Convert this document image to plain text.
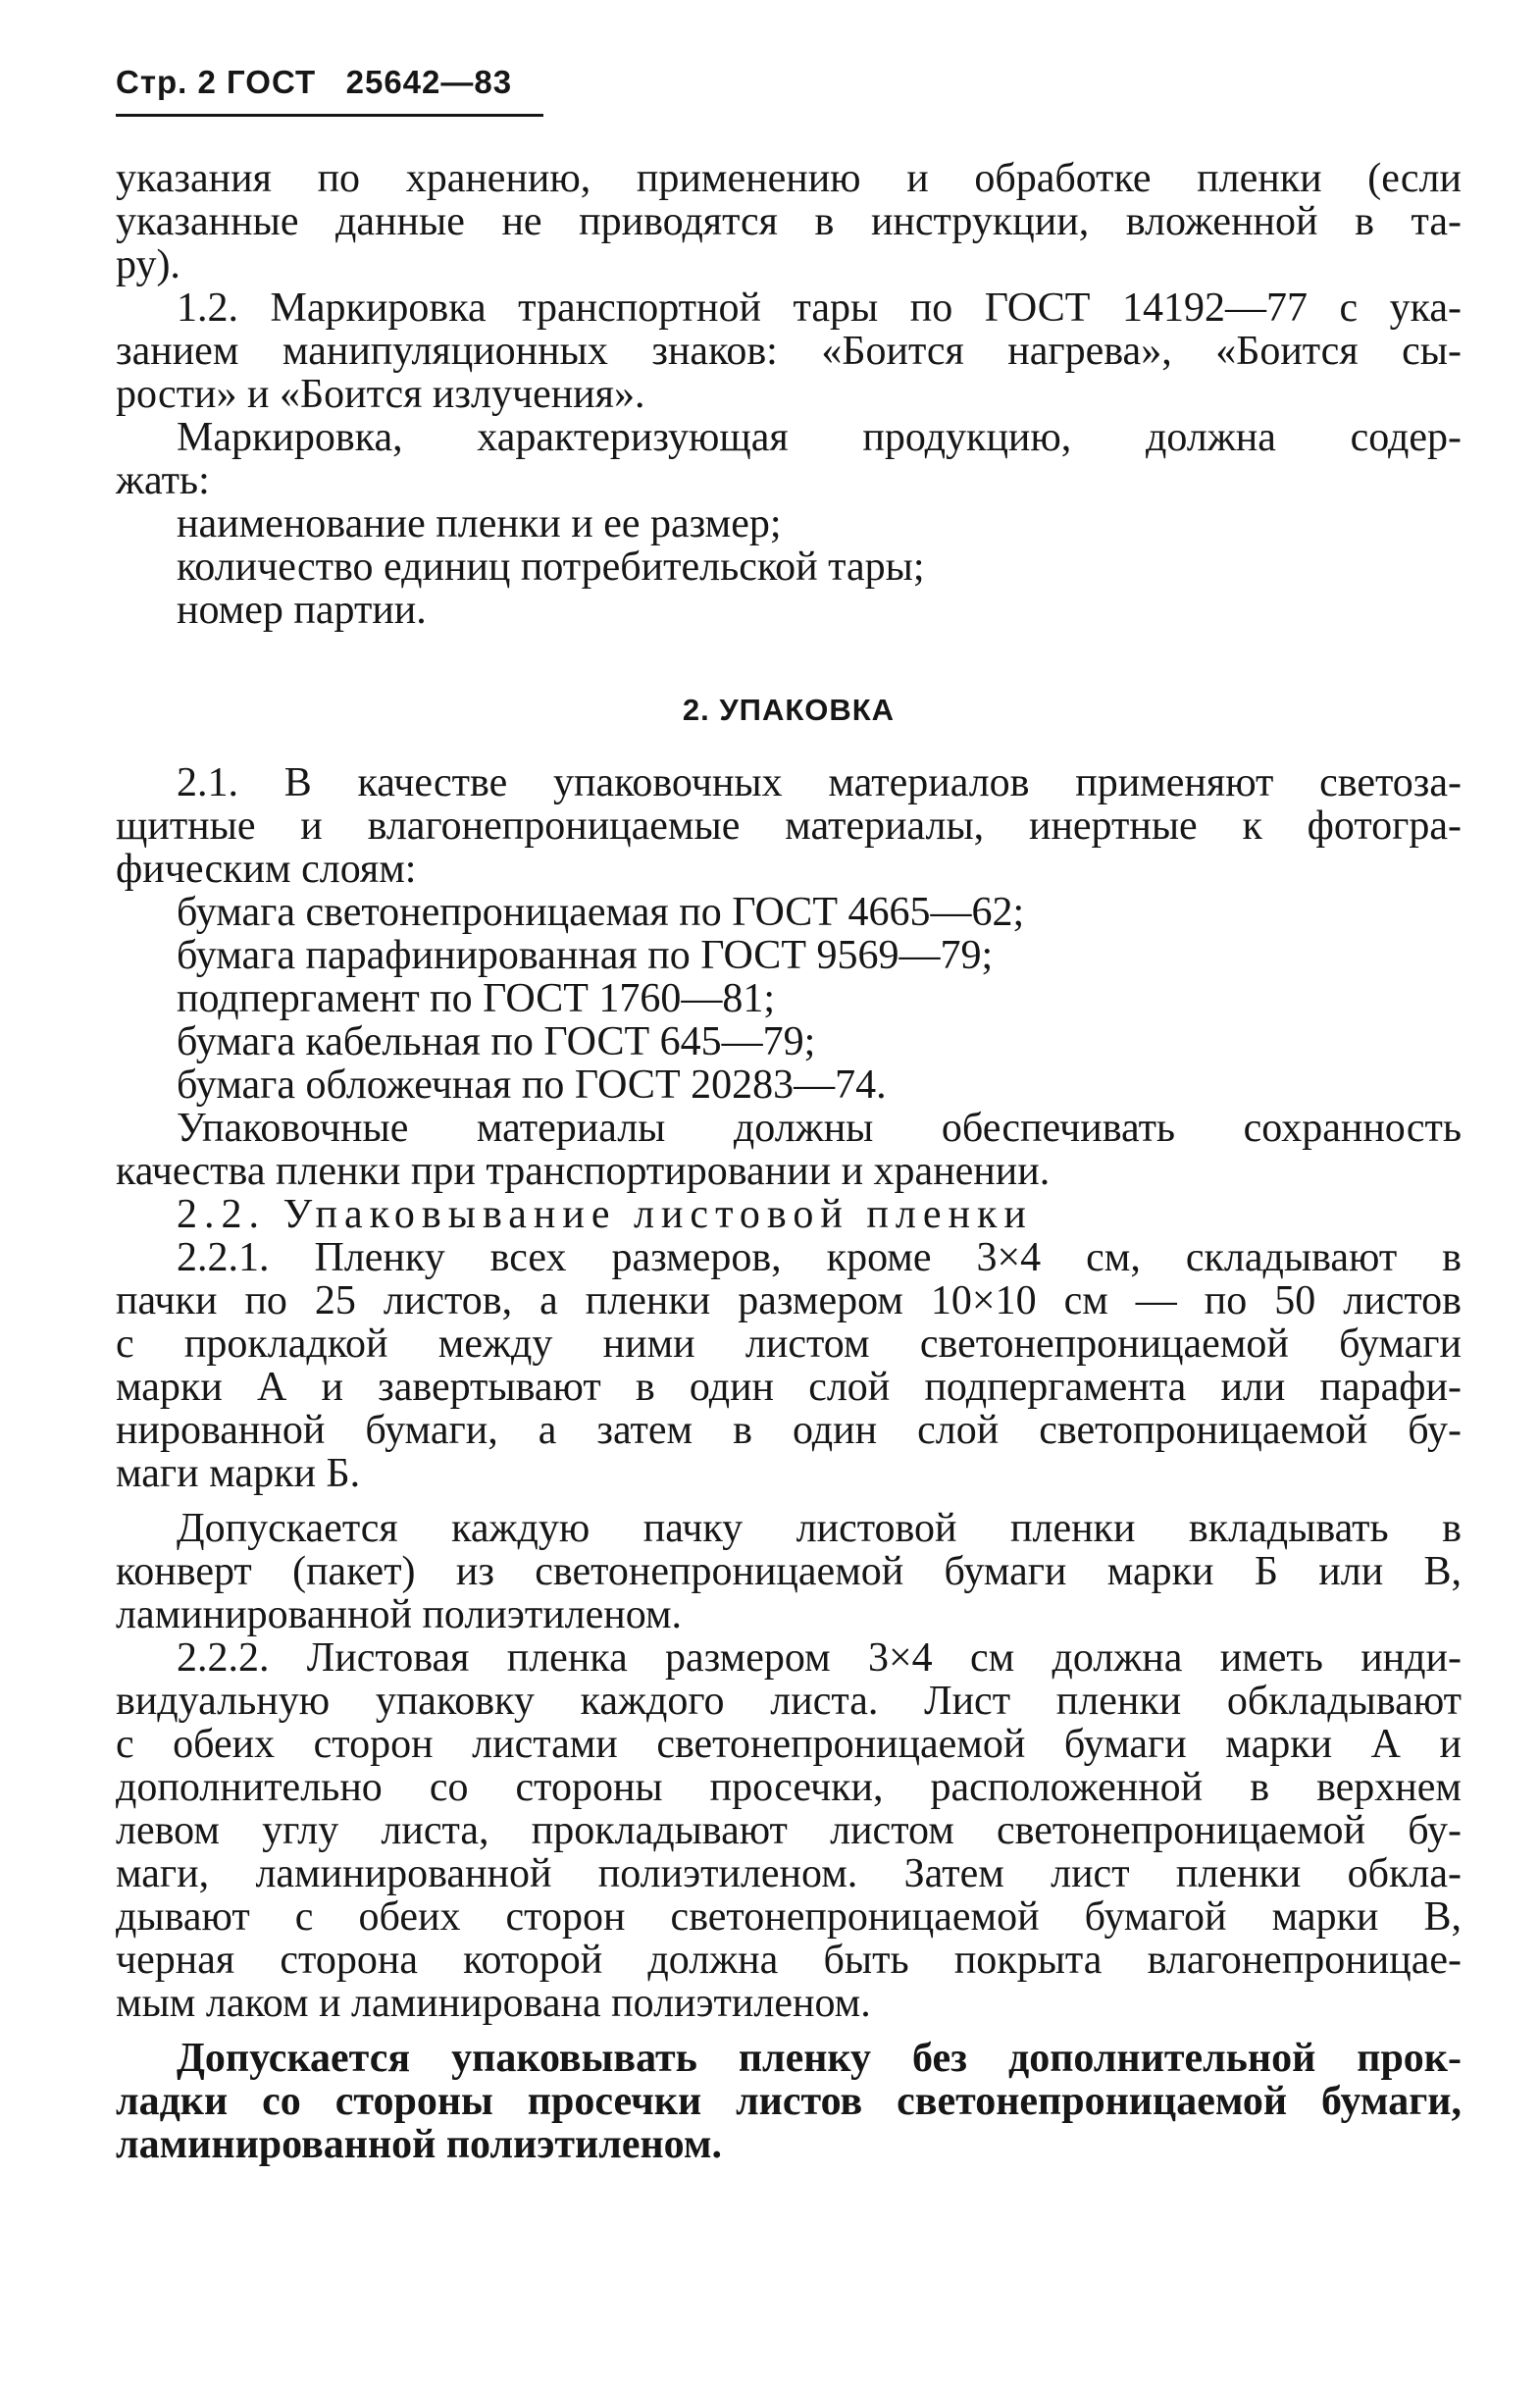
Стр. 2 ГОСТ   25642—83
указания по хранению, применению и обработке пленки (если
указанные данные не приводятся в инструкции, вложенной в та-
ру).
1.2. Маркировка транспортной тары по ГОСТ 14192—77 с ука-
занием манипуляционных знаков: «Боится нагрева», «Боится сы-
рости» и «Боится излучения».
Маркировка, характеризующая продукцию, должна содер-
жать:
наименование пленки и ее размер;
количество единиц потребительской тары;
номер партии.
2. УПАКОВКА
2.1. В качестве упаковочных материалов применяют светоза-
щитные и влагонепроницаемые материалы, инертные к фотогра-
фическим слоям:
бумага светонепроницаемая по ГОСТ 4665—62;
бумага парафинированная по ГОСТ 9569—79;
подпергамент по ГОСТ 1760—81;
бумага кабельная по ГОСТ 645—79;
бумага обложечная по ГОСТ 20283—74.
Упаковочные материалы должны обеспечивать сохранность
качества пленки при транспортировании и хранении.
2.2. Упаковывание листовой пленки
2.2.1. Пленку всех размеров, кроме 3×4 см, складывают в
пачки по 25 листов, а пленки размером 10×10 см — по 50 листов
с прокладкой между ними листом светонепроницаемой бумаги
марки А и завертывают в один слой подпергамента или парафи-
нированной бумаги, а затем в один слой светопроницаемой бу-
маги марки Б.
Допускается каждую пачку листовой пленки вкладывать в
конверт (пакет) из светонепроницаемой бумаги марки Б или В,
ламинированной полиэтиленом.
2.2.2. Листовая пленка размером 3×4 см должна иметь инди-
видуальную упаковку каждого листа. Лист пленки обкладывают
с обеих сторон листами светонепроницаемой бумаги марки А и
дополнительно со стороны просечки, расположенной в верхнем
левом углу листа, прокладывают листом светонепроницаемой бу-
маги, ламинированной полиэтиленом. Затем лист пленки обкла-
дывают с обеих сторон светонепроницаемой бумагой марки В,
черная сторона которой должна быть покрыта влагонепроницае-
мым лаком и ламинирована полиэтиленом.
Допускается упаковывать пленку без дополнительной прок-
ладки со стороны просечки листов светонепроницаемой бумаги,
ламинированной полиэтиленом.
